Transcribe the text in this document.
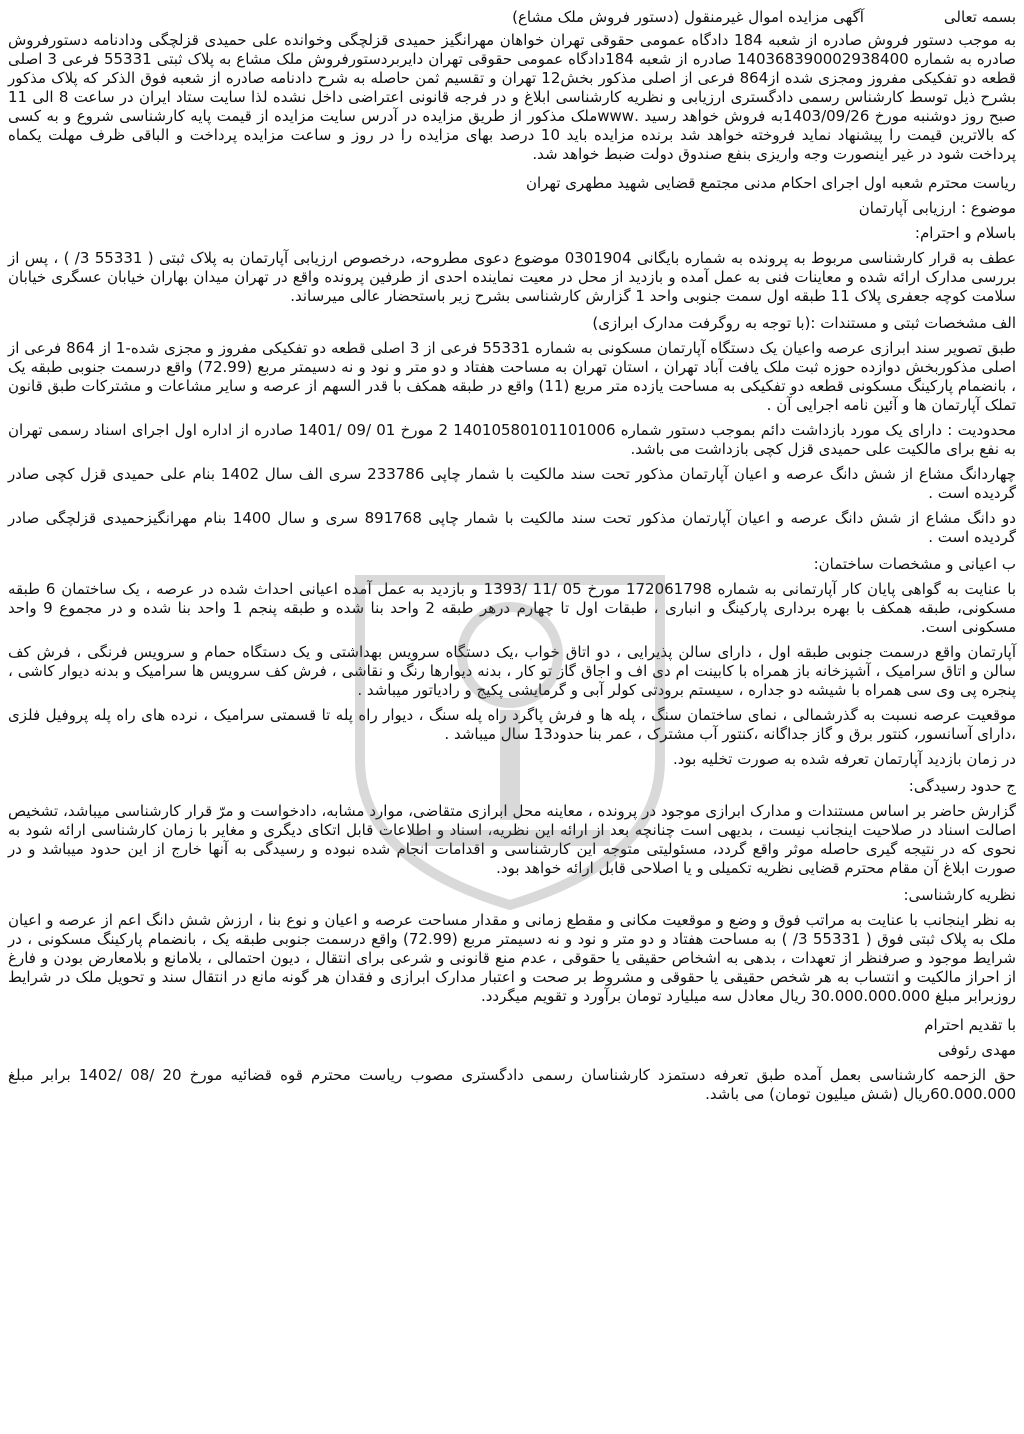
بسمه تعالی
آگهی مزایده اموال غیرمنقول (دستور فروش ملک مشاع)

به موجب دستور فروش صادره از شعبه 184 دادگاه عمومی حقوقی تهران خواهان مهرانگیز حمیدی قزلچگی وخوانده علی حمیدی قزلچگی ودادنامه دستورفروش صادره به شماره 140368390002938400 صادره از شعبه 184دادگاه عمومی حقوقی تهران دایربردستورفروش ملک مشاع به پلاک ثبتی 55331 فرعی 3 اصلی قطعه دو تفکیکی مفروز ومجزی شده از864 فرعی از اصلی مذکور بخش12 تهران و تقسیم ثمن حاصله به شرح دادنامه صادره از شعبه فوق الذکر که پلاک مذکور بشرح ذیل توسط کارشناس رسمی دادگستری ارزیابی و نظریه کارشناسی ابلاغ و در فرجه قانونی اعتراضی داخل نشده لذا سایت ستاد ایران در ساعت 8 الی 11 صبح روز دوشنبه مورخ 1403/09/26به فروش خواهد رسید .wwwملک مذکور از طریق مزایده در آدرس سایت مزایده از قیمت پایه کارشناسی شروع و به کسی که بالاترین قیمت را پیشنهاد نماید فروخته خواهد شد برنده مزایده باید 10 درصد بهای مزایده را در روز و ساعت مزایده پرداخت و الباقی ظرف مهلت یکماه پرداخت شود در غیر اینصورت وجه واریزی بنفع صندوق دولت ضبط خواهد شد.

ریاست محترم شعبه اول اجرای احکام مدنی مجتمع قضایی شهید مطهری تهران

موضوع : ارزیابی آپارتمان

باسلام و احترام:

عطف به قرار کارشناسی مربوط به پرونده به شماره بایگانی 0301904 موضوع دعوی مطروحه، درخصوص ارزیابی آپارتمان به پلاک ثبتی ( 55331 3/ ) ، پس از بررسی مدارک ارائه شده و معاینات فنی به عمل آمده و بازدید از محل در معیت نماینده احدی از طرفین پرونده واقع در تهران میدان بهاران خیابان عسگری خیابان سلامت کوچه جعفری پلاک 11 طبقه اول سمت جنوبی واحد 1 گزارش کارشناسی بشرح زیر باستحضار عالی میرساند.

الف مشخصات ثبتی و مستندات :(با توجه به روگرفت مدارک ابرازی)

طبق تصویر سند ابرازی عرصه واعیان یک دستگاه آپارتمان مسکونی به شماره 55331 فرعی از 3 اصلی قطعه دو تفکیکی مفروز و مجزی شده-1 از 864 فرعی از اصلی مذکوربخش دوازده حوزه ثبت ملک یافت آباد تهران ، استان تهران به مساحت هفتاد و دو متر و نود و نه دسیمتر مربع (72.99) واقع درسمت جنوبی طبقه یک ، بانضمام پارکینگ مسکونی قطعه دو تفکیکی به مساحت یازده متر مربع (11) واقع در طبقه همکف با قدر السهم از عرصه و سایر مشاعات و مشترکات طبق قانون تملک آپارتمان ها و آئین نامه اجرایی آن .

محدودیت : دارای یک مورد بازداشت دائم بموجب دستور شماره 14010580101101006 2 مورخ 01 /09 /1401 صادره از اداره اول اجرای اسناد رسمی تهران به نفع برای مالکیت علی حمیدی قزل کچی بازداشت می باشد.

چهاردانگ مشاع از شش دانگ عرصه و اعیان آپارتمان مذکور تحت سند مالکیت با شمار چاپی 233786 سری الف سال 1402 بنام علی حمیدی قزل کچی صادر گردیده است .

دو دانگ مشاع از شش دانگ عرصه و اعیان آپارتمان مذکور تحت سند مالکیت با شمار چاپی 891768 سری و سال 1400 بنام مهرانگیزحمیدی قزلچگی صادر گردیده است .

ب اعیانی و مشخصات ساختمان:

با عنایت به گواهی پایان کار آپارتمانی به شماره 172061798 مورخ 05 /11 /1393 و بازدید به عمل آمده اعیانی احداث شده در عرصه ، یک ساختمان 6 طبقه مسکونی، طبقه همکف با بهره برداری پارکینگ و انباری ، طبقات اول تا چهارم درهر طبقه 2 واحد بنا شده و طبقه پنجم 1 واحد بنا شده و در مجموع 9 واحد مسکونی است.

آپارتمان واقع درسمت جنوبی طبقه اول ، دارای سالن پذیرایی ، دو اتاق خواب ،یک دستگاه سرویس بهداشتی و یک دستگاه حمام و سرویس فرنگی ، فرش کف سالن و اتاق سرامیک ، آشپزخانه باز همراه با کابینت ام دی اف و اجاق گاز تو کار ، بدنه دیوارها رنگ و نقاشی ، فرش کف سرویس ها سرامیک و بدنه دیوار کاشی ، پنجره پی وی سی همراه با شیشه دو جداره ، سیستم برودتی کولر آبی و گرمایشی پکیج و رادیاتور میباشد .

موقعیت عرصه نسبت به گذرشمالی ، نمای ساختمان سنگ ، پله ها و فرش پاگرد راه پله سنگ ، دیوار راه پله تا قسمتی سرامیک ، نرده های راه پله پروفیل فلزی ،دارای آسانسور، کنتور برق و گاز جداگانه ،کنتور آب مشترک ، عمر بنا حدود13 سال میباشد .

در زمان بازدید آپارتمان تعرفه شده به صورت تخلیه بود.

ج حدود رسیدگی:

گزارش حاضر بر اساس مستندات و مدارک ابرازی موجود در پرونده ، معاینه محل ابرازی متقاضی، موارد مشابه، دادخواست و مرّ قرار کارشناسی میباشد، تشخیص اصالت اسناد در صلاحیت اینجانب نیست ، بدیهی است چنانچه بعد از ارائه این نظریه، اسناد و اطلاعات قابل اتکای دیگری و مغایر با زمان کارشناسی ارائه شود به نحوی که در نتیجه گیری حاصله موثر واقع گردد، مسئولیتی متوجه این کارشناسی و اقدامات انجام شده نبوده و رسیدگی به آنها خارج از این حدود میباشد و در صورت ابلاغ آن مقام محترم قضایی نظریه تکمیلی و یا اصلاحی قابل ارائه خواهد بود.

نظریه کارشناسی:

به نظر اینجانب با عنایت به مراتب فوق و وضع و موقعیت مکانی و مقطع زمانی و مقدار مساحت عرصه و اعیان و نوع بنا ، ارزش شش دانگ اعم از عرصه و اعیان ملک به پلاک ثبتی فوق ( 55331 3/ ) به مساحت هفتاد و دو متر و نود و نه دسیمتر مربع (72.99) واقع درسمت جنوبی طبقه یک ، بانضمام پارکینگ مسکونی ، در شرایط موجود و صرفنظر از تعهدات ، بدهی به اشخاص حقیقی یا حقوقی ، عدم منع قانونی و شرعی برای انتقال ، دیون احتمالی ، بلامانع و بلامعارض بودن و فارغ از احراز مالکیت و انتساب به هر شخص حقیقی یا حقوقی و مشروط بر صحت و اعتبار مدارک ابرازی و فقدان هر گونه مانع در انتقال سند و تحویل ملک در شرایط روزبرابر مبلغ 30.000.000.000 ریال معادل سه میلیارد تومان برآورد و تقویم میگردد.

با تقدیم احترام

مهدی رئوفی

حق الزحمه کارشناسی بعمل آمده طبق تعرفه دستمزد کارشناسان رسمی دادگستری مصوب ریاست محترم قوه قضائیه مورخ 20 /08 /1402 برابر مبلغ 60.000.000ریال (شش میلیون تومان) می باشد.
